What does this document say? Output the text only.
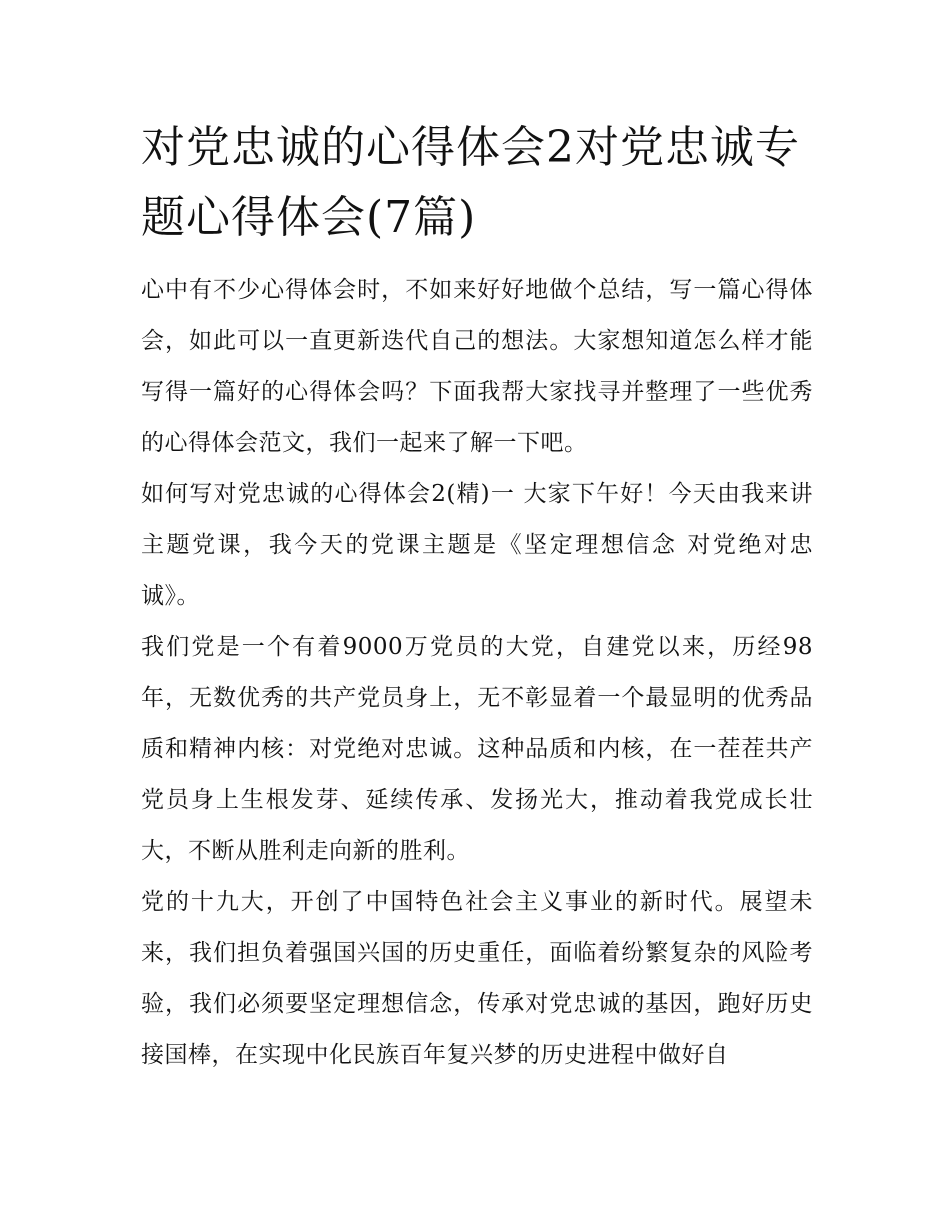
对党忠诚的心得体会2对党忠诚专题心得体会(7篇)

心中有不少心得体会时，不如来好好地做个总结，写一篇心得体会，如此可以一直更新迭代自己的想法。大家想知道怎么样才能写得一篇好的心得体会吗？下面我帮大家找寻并整理了一些优秀的心得体会范文，我们一起来了解一下吧。

如何写对党忠诚的心得体会2(精)一 大家下午好！今天由我来讲主题党课，我今天的党课主题是《坚定理想信念 对党绝对忠诚》。

我们党是一个有着9000万党员的大党，自建党以来，历经98年，无数优秀的共产党员身上，无不彰显着一个最显明的优秀品质和精神内核：对党绝对忠诚。这种品质和内核，在一茬茬共产党员身上生根发芽、延续传承、发扬光大，推动着我党成长壮大，不断从胜利走向新的胜利。

党的十九大，开创了中国特色社会主义事业的新时代。展望未来，我们担负着强国兴国的历史重任，面临着纷繁复杂的风险考验，我们必须要坚定理想信念，传承对党忠诚的基因，跑好历史接国棒，在实现中化民族百年复兴梦的历史进程中做好自
